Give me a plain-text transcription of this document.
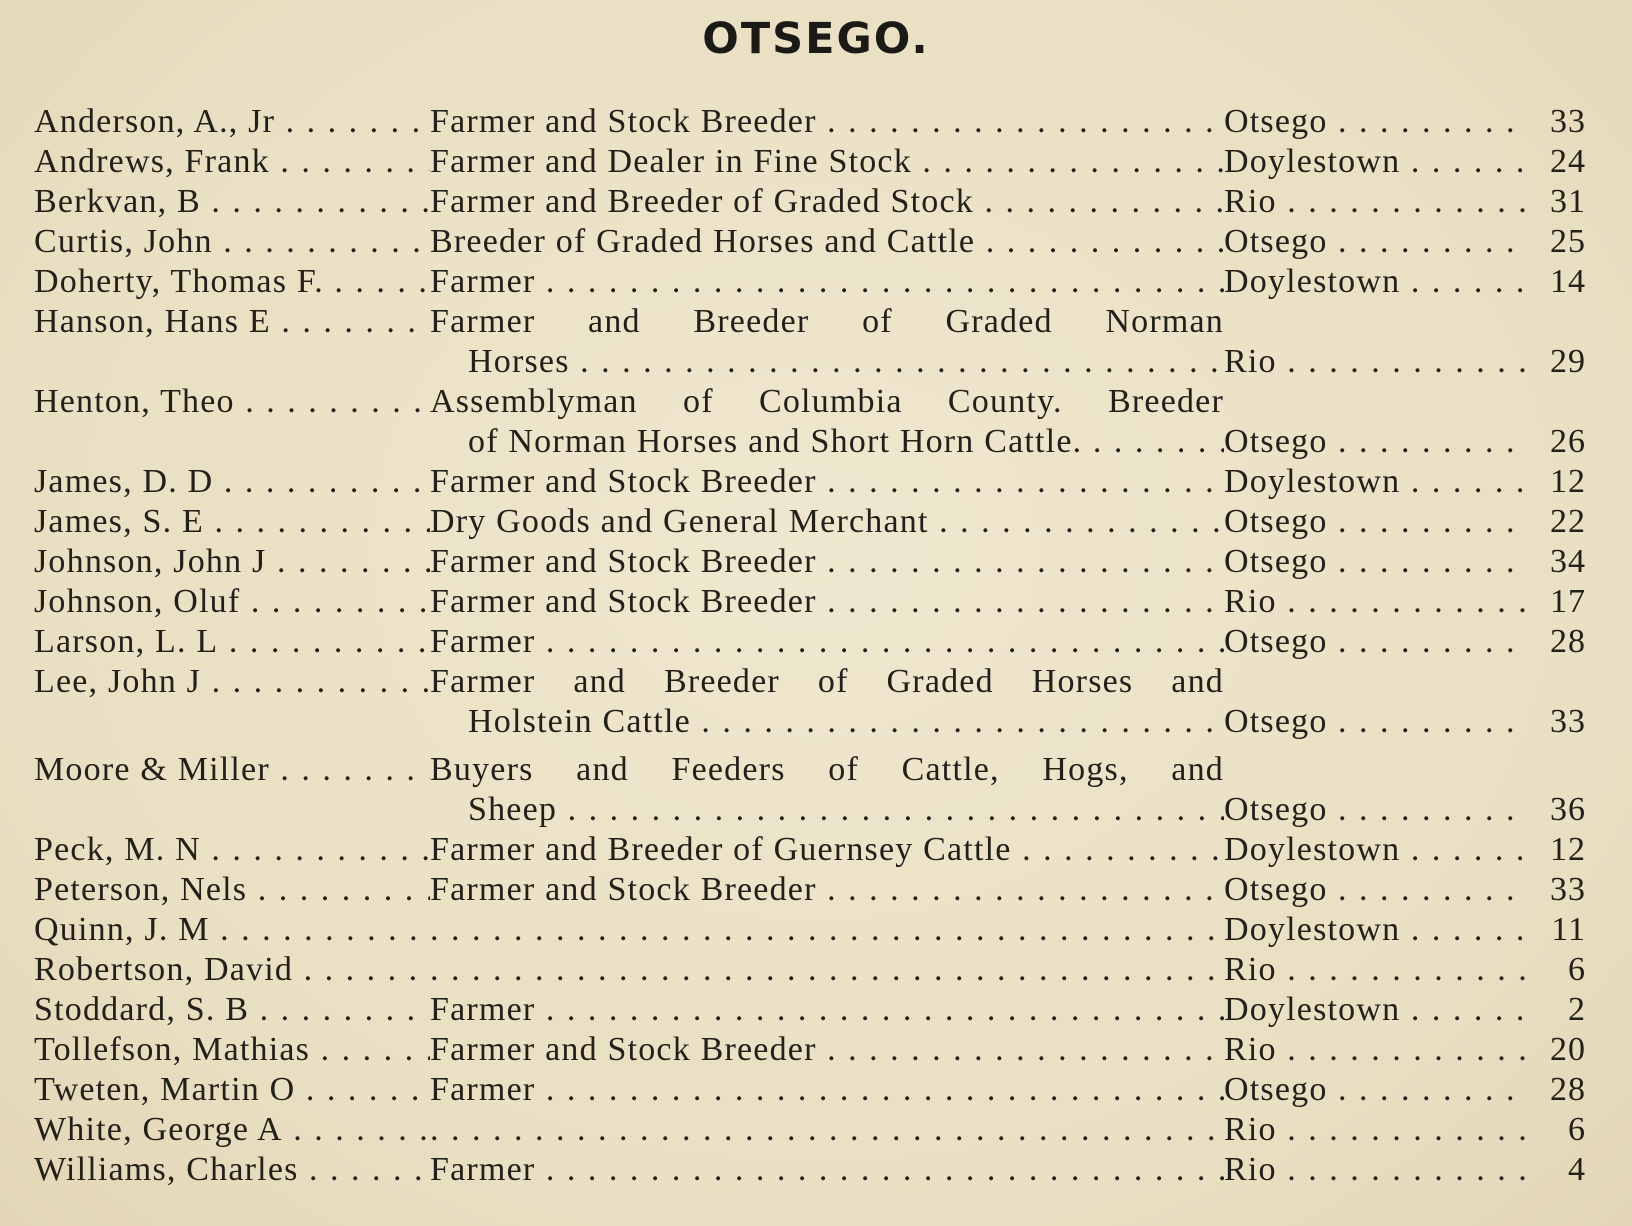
OTSEGO.
Anderson, A., Jr . . .	Farmer and Stock Breeder . . .	Otsego . . .	33
Andrews, Frank . . .	Farmer and Dealer in Fine Stock . . .	Doylestown . . .	24
Berkvan, B . . .	Farmer and Breeder of Graded Stock . . .	Rio . . .	31
Curtis, John . . .	Breeder of Graded Horses and Cattle . . .	Otsego . . .	25
Doherty, Thomas F. . . .	Farmer . . .	Doylestown . . .	14
Hanson, Hans E . . .	Farmer and Breeder of Graded Norman
Horses . . .	Rio . . .	29
Henton, Theo . . .	Assemblyman of Columbia County. Breeder
of Norman Horses and Short Horn Cattle. . . .	Otsego . . .	26
James, D. D . . .	Farmer and Stock Breeder . . .	Doylestown . . .	12
James, S. E . . .	Dry Goods and General Merchant . . .	Otsego . . .	22
Johnson, John J . . .	Farmer and Stock Breeder . . .	Otsego . . .	34
Johnson, Oluf . . .	Farmer and Stock Breeder . . .	Rio . . .	17
Larson, L. L . . .	Farmer . . .	Otsego . . .	28
Lee, John J . . .	Farmer and Breeder of Graded Horses and
Holstein Cattle . . .	Otsego . . .	33
Moore & Miller . . .	Buyers and Feeders of Cattle, Hogs, and
Sheep . . .	Otsego . . .	36
Peck, M. N . . .	Farmer and Breeder of Guernsey Cattle . . .	Doylestown . . .	12
Peterson, Nels . . .	Farmer and Stock Breeder . . .	Otsego . . .	33
Quinn, J. M . . . . . .	Doylestown . . .	11
Robertson, David . . . . . .	Rio . . .	6
Stoddard, S. B . . .	Farmer . . .	Doylestown . . .	2
Tollefson, Mathias . . .	Farmer and Stock Breeder . . .	Rio . . .	20
Tweten, Martin O . . .	Farmer . . .	Otsego . . .	28
White, George A . . . . . .	Rio . . .	6
Williams, Charles . . .	Farmer . . .	Rio . . .	4
